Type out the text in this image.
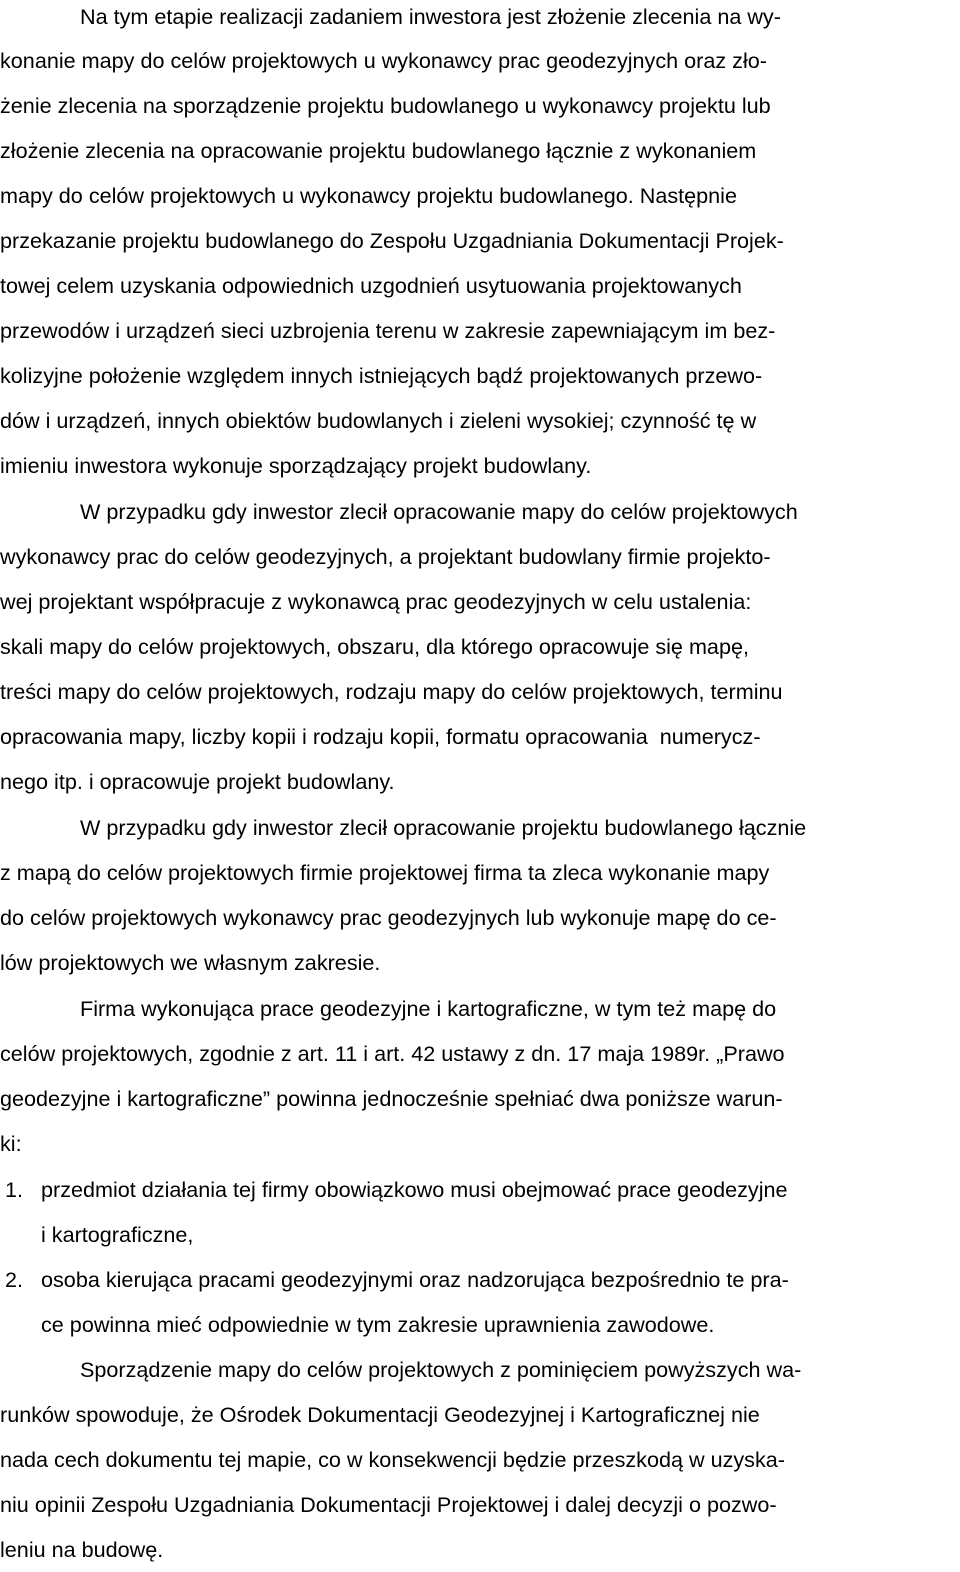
Na tym etapie realizacji zadaniem inwestora jest złożenie zlecenia na wy-
konanie mapy do celów projektowych u wykonawcy prac geodezyjnych oraz zło-
żenie zlecenia na sporządzenie projektu budowlanego u wykonawcy projektu lub
złożenie zlecenia na opracowanie projektu budowlanego łącznie z wykonaniem
mapy do celów projektowych u wykonawcy projektu budowlanego. Następnie
przekazanie projektu budowlanego do Zespołu Uzgadniania Dokumentacji Projek-
towej celem uzyskania odpowiednich uzgodnień usytuowania projektowanych
przewodów i urządzeń sieci uzbrojenia terenu w zakresie zapewniającym im bez-
kolizyjne położenie względem innych istniejących bądź projektowanych przewo-
dów i urządzeń, innych obiektów budowlanych i zieleni wysokiej; czynność tę w
imieniu inwestora wykonuje sporządzający projekt budowlany.
W przypadku gdy inwestor zlecił opracowanie mapy do celów projektowych
wykonawcy prac do celów geodezyjnych, a projektant budowlany firmie projekto-
wej projektant współpracuje z wykonawcą prac geodezyjnych w celu ustalenia:
skali mapy do celów projektowych, obszaru, dla którego opracowuje się mapę,
treści mapy do celów projektowych, rodzaju mapy do celów projektowych, terminu
opracowania mapy, liczby kopii i rodzaju kopii, formatu opracowania  numerycz-
nego itp. i opracowuje projekt budowlany.
W przypadku gdy inwestor zlecił opracowanie projektu budowlanego łącznie
z mapą do celów projektowych firmie projektowej firma ta zleca wykonanie mapy
do celów projektowych wykonawcy prac geodezyjnych lub wykonuje mapę do ce-
lów projektowych we własnym zakresie.
Firma wykonująca prace geodezyjne i kartograficzne, w tym też mapę do
celów projektowych, zgodnie z art. 11 i art. 42 ustawy z dn. 17 maja 1989r. „Prawo
geodezyjne i kartograficzne” powinna jednocześnie spełniać dwa poniższe warun-
ki:
1. przedmiot działania tej firmy obowiązkowo musi obejmować prace geodezyjne
i kartograficzne,
2. osoba kierująca pracami geodezyjnymi oraz nadzorująca bezpośrednio te pra-
ce powinna mieć odpowiednie w tym zakresie uprawnienia zawodowe.
Sporządzenie mapy do celów projektowych z pominięciem powyższych wa-
runków spowoduje, że Ośrodek Dokumentacji Geodezyjnej i Kartograficznej nie
nada cech dokumentu tej mapie, co w konsekwencji będzie przeszkodą w uzyska-
niu opinii Zespołu Uzgadniania Dokumentacji Projektowej i dalej decyzji o pozwo-
leniu na budowę.
